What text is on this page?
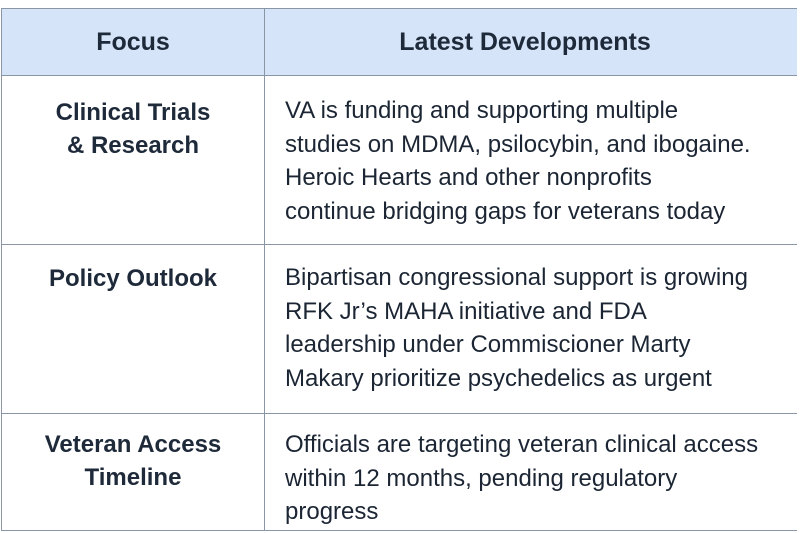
Focus	Latest Developments
Clinical Trials
& Research
VA is funding and supporting multiple
studies on MDMA, psilocybin, and ibogaine.
Heroic Hearts and other nonprofits
continue bridging gaps for veterans today
Policy Outlook	Bipartisan congressional support is growing
RFK Jr’s MAHA initiative and FDA
leadership under Commiscioner Marty
Makary prioritize psychedelics as urgent
Veteran Access
Timeline
Officials are targeting veteran clinical access
within 12 months, pending regulatory
progress
